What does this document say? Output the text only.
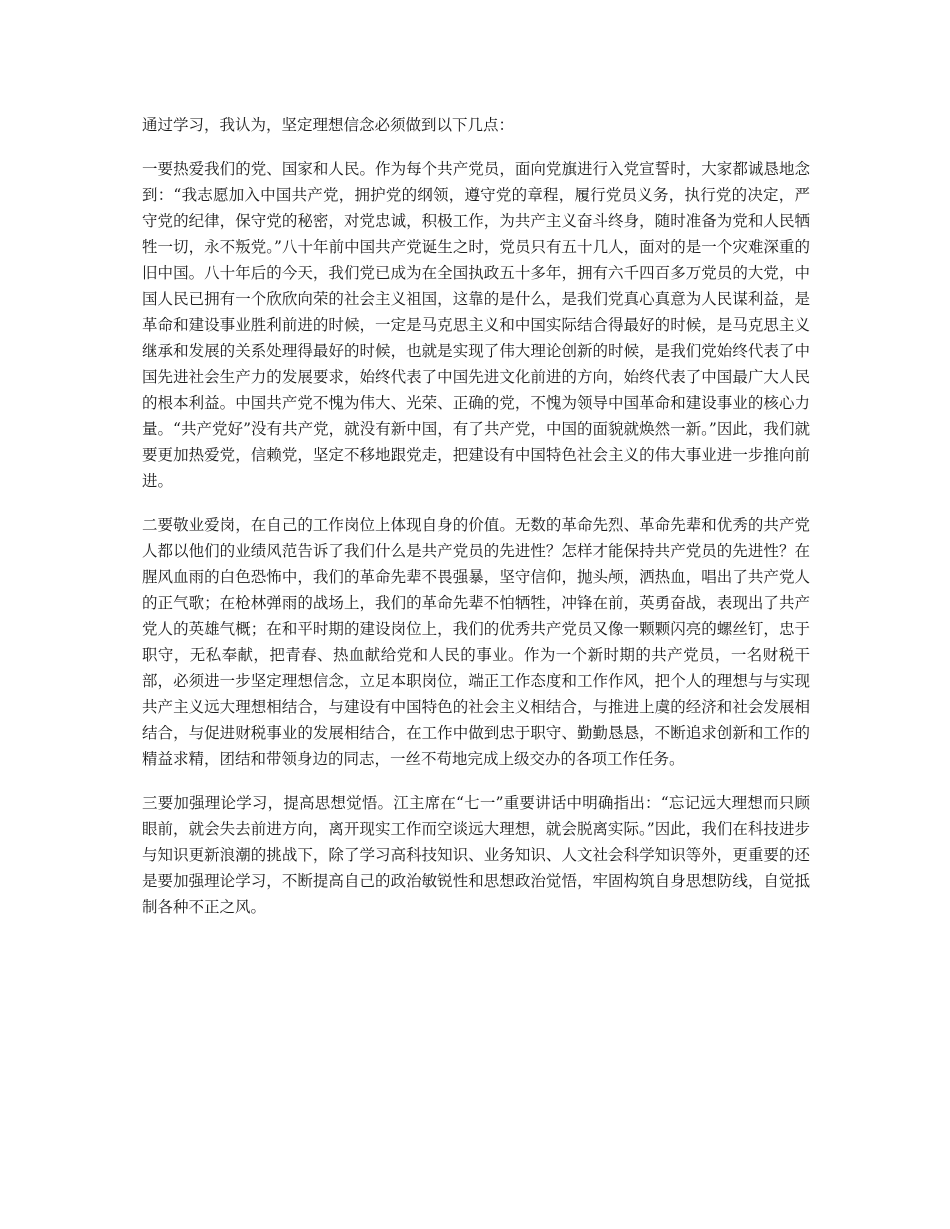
通过学习，我认为，坚定理想信念必须做到以下几点：

一要热爱我们的党、国家和人民。作为每个共产党员，面向党旗进行入党宣誓时，大家都诚恳地念到：“我志愿加入中国共产党，拥护党的纲领，遵守党的章程，履行党员义务，执行党的决定，严守党的纪律，保守党的秘密，对党忠诚，积极工作，为共产主义奋斗终身，随时准备为党和人民牺牲一切，永不叛党。”八十年前中国共产党诞生之时，党员只有五十几人，面对的是一个灾难深重的旧中国。八十年后的今天，我们党已成为在全国执政五十多年，拥有六千四百多万党员的大党，中国人民已拥有一个欣欣向荣的社会主义祖国，这靠的是什么，是我们党真心真意为人民谋利益，是革命和建设事业胜利前进的时候，一定是马克思主义和中国实际结合得最好的时候，是马克思主义继承和发展的关系处理得最好的时候，也就是实现了伟大理论创新的时候，是我们党始终代表了中国先进社会生产力的发展要求，始终代表了中国先进文化前进的方向，始终代表了中国最广大人民的根本利益。中国共产党不愧为伟大、光荣、正确的党，不愧为领导中国革命和建设事业的核心力量。“共产党好”没有共产党，就没有新中国，有了共产党，中国的面貌就焕然一新。”因此，我们就要更加热爱党，信赖党，坚定不移地跟党走，把建设有中国特色社会主义的伟大事业进一步推向前进。

二要敬业爱岗，在自己的工作岗位上体现自身的价值。无数的革命先烈、革命先辈和优秀的共产党人都以他们的业绩风范告诉了我们什么是共产党员的先进性？怎样才能保持共产党员的先进性？在腥风血雨的白色恐怖中，我们的革命先辈不畏强暴，坚守信仰，抛头颅，洒热血，唱出了共产党人的正气歌；在枪林弹雨的战场上，我们的革命先辈不怕牺牲，冲锋在前，英勇奋战，表现出了共产党人的英雄气概；在和平时期的建设岗位上，我们的优秀共产党员又像一颗颗闪亮的螺丝钉，忠于职守，无私奉献，把青春、热血献给党和人民的事业。作为一个新时期的共产党员，一名财税干部，必须进一步坚定理想信念，立足本职岗位，端正工作态度和工作作风，把个人的理想与与实现共产主义远大理想相结合，与建设有中国特色的社会主义相结合，与推进上虞的经济和社会发展相结合，与促进财税事业的发展相结合，在工作中做到忠于职守、勤勤恳恳，不断追求创新和工作的精益求精，团结和带领身边的同志，一丝不苟地完成上级交办的各项工作任务。

三要加强理论学习，提高思想觉悟。江主席在“七一”重要讲话中明确指出：“忘记远大理想而只顾眼前，就会失去前进方向，离开现实工作而空谈远大理想，就会脱离实际。”因此，我们在科技进步与知识更新浪潮的挑战下，除了学习高科技知识、业务知识、人文社会科学知识等外，更重要的还是要加强理论学习，不断提高自己的政治敏锐性和思想政治觉悟，牢固构筑自身思想防线，自觉抵制各种不正之风。
